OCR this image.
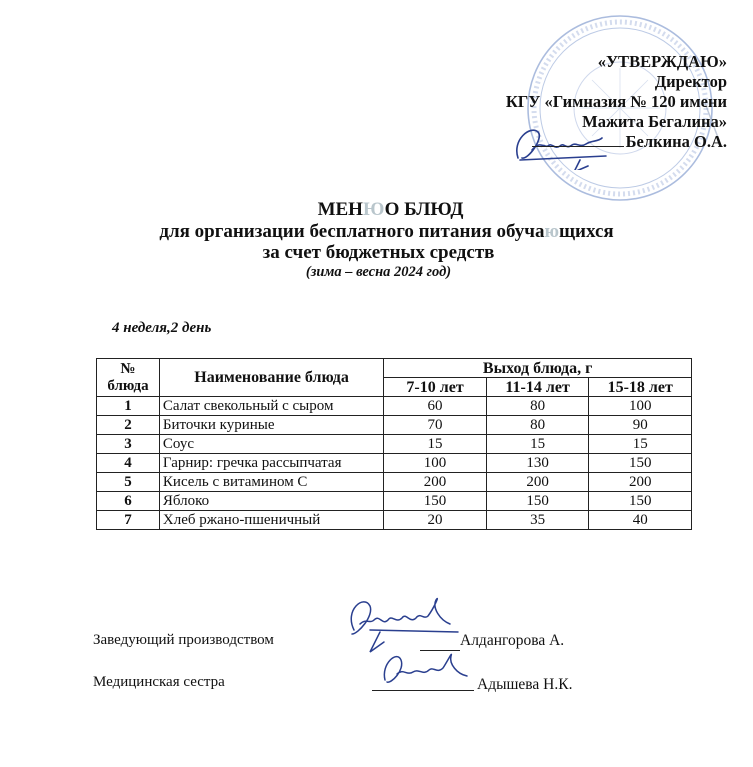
«УТВЕРЖДАЮ»
Директор
КГУ «Гимназия № 120 имени
Мажита Бегалина»
Белкина О.А.
МЕНЮО БЛЮД
для организации бесплатного питания обучающихся
за счет бюджетных средств
(зима – весна 2024 год)
4 неделя,2 день
№ блюда	Наименование блюда	Выход блюда, г		
		7-10 лет	11-14 лет	15-18 лет
1	Салат свекольный с сыром	60	80	100
2	Биточки куриные	70	80	90
3	Соус	15	15	15
4	Гарнир: гречка рассыпчатая	100	130	150
5	Кисель с витамином С	200	200	200
6	Яблоко	150	150	150
7	Хлеб ржано-пшеничный	20	35	40
Заведующий производством	Алдангорова А.
Медицинская сестра	Адышева Н.К.
